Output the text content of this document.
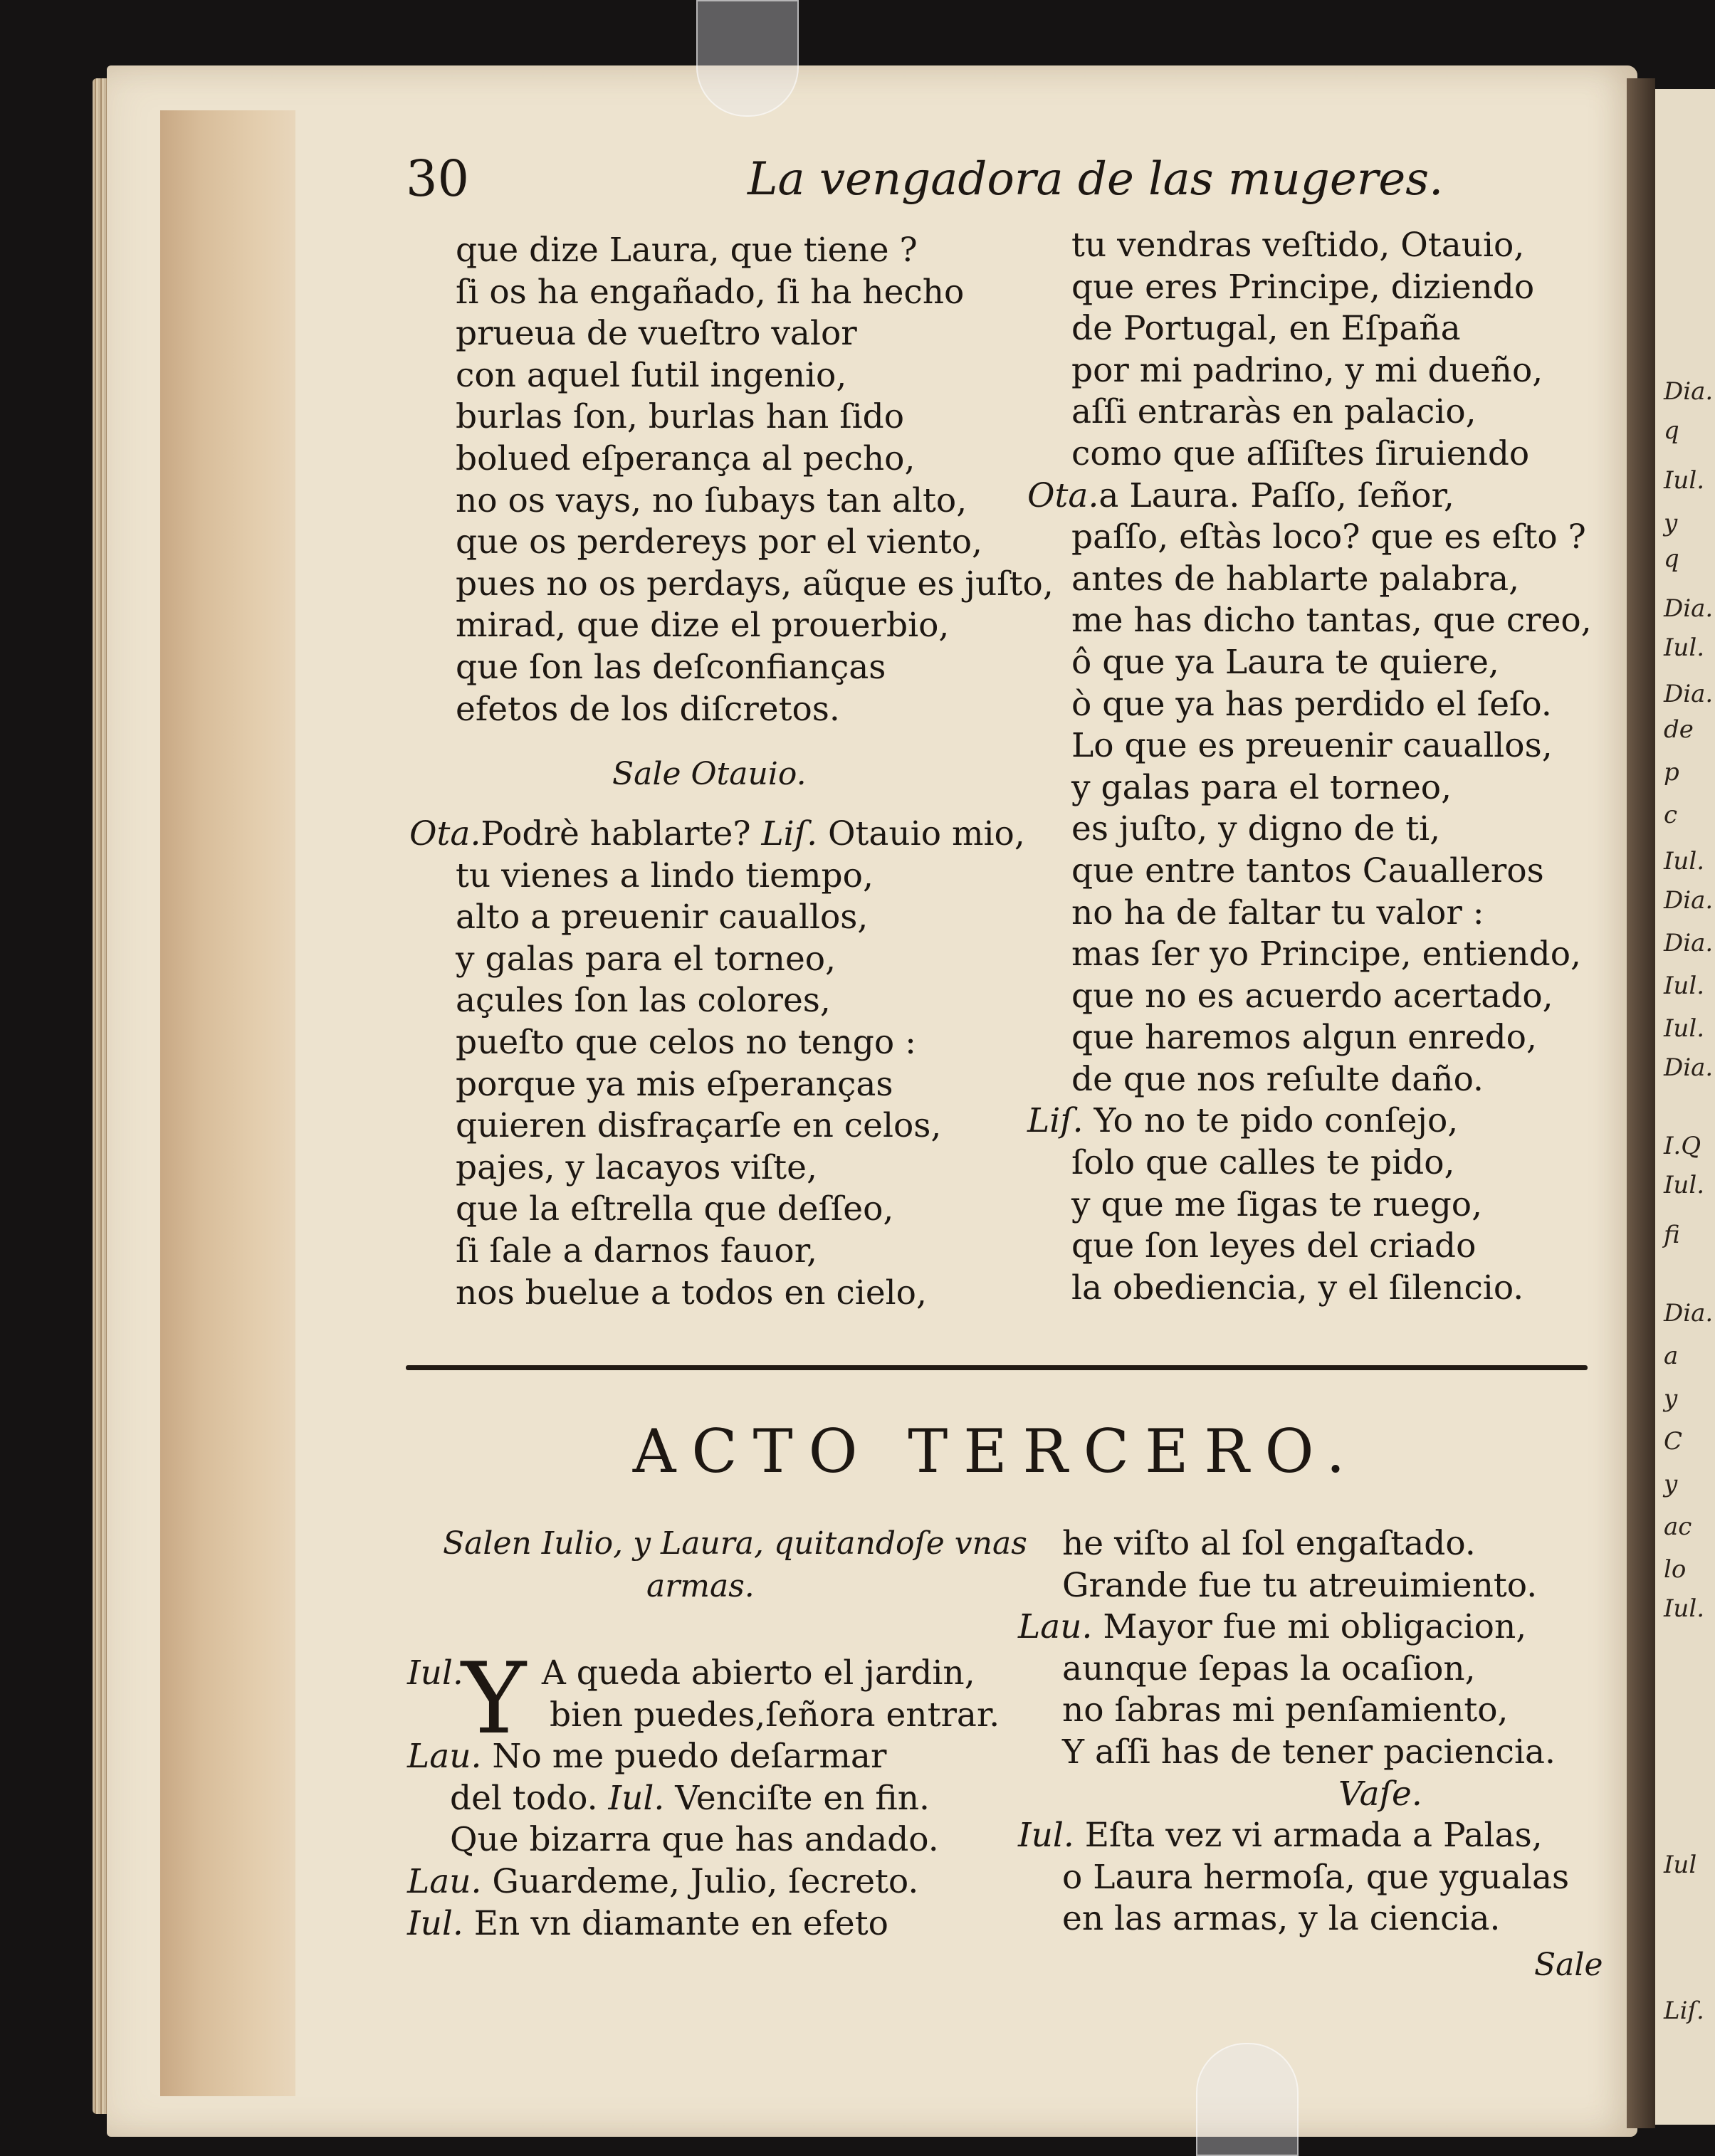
Dia.
q
Iul.
y
q
Dia.
Iul.
Dia.
de
p
c
Iul.
Dia.
Dia.
Iul.
Iul.
Dia.
I.Q
Iul.
fi
Dia.
a
y
C
y
ac
lo
Iul.
Iul
Liſ.
30	La vengadora de las mugeres.
que dize Laura, que tiene ?
ſi os ha engañado, ſi ha hecho
prueua de vueſtro valor
con aquel ſutil ingenio,
burlas ſon, burlas han ſido
bolued eſperança al pecho,
no os vays, no ſubays tan alto,
que os perdereys por el viento,
pues no os perdays, aũque es juſto,
mirad, que dize el prouerbio,
que ſon las deſconfianças
efetos de los diſcretos.
Sale Otauio.
Ota.Podrè hablarte? Liſ. Otauio mio,
tu vienes a lindo tiempo,
alto a preuenir cauallos,
y galas para el torneo,
açules ſon las colores,
pueſto que celos no tengo :
porque ya mis eſperanças
quieren disfraçarſe en celos,
pajes, y lacayos viſte,
que la eſtrella que deſſeo,
ſi ſale a darnos fauor,
nos buelue a todos en cielo,
tu vendras veſtido, Otauio,
que eres Principe, diziendo
de Portugal, en Eſpaña
por mi padrino, y mi dueño,
aſſi entraràs en palacio,
como que aſſiſtes ſiruiendo
Ota.a Laura. Paſſo, ſeñor,
paſſo, eſtàs loco? que es eſto ?
antes de hablarte palabra,
me has dicho tantas, que creo,
ô que ya Laura te quiere,
ò que ya has perdido el ſeſo.
Lo que es preuenir cauallos,
y galas para el torneo,
es juſto, y digno de ti,
que entre tantos Caualleros
no ha de faltar tu valor :
mas ſer yo Principe, entiendo,
que no es acuerdo acertado,
que haremos algun enredo,
de que nos reſulte daño.
Liſ. Yo no te pido conſejo,
ſolo que calles te pido,
y que me ſigas te ruego,
que ſon leyes del criado
la obediencia, y el ſilencio.
ACTO TERCERO.
Salen Iulio, y Laura, quitandoſe vnas
armas.
Y
Iul. A queda abierto el jardin,
bien puedes,ſeñora entrar.
Lau. No me puedo deſarmar
del todo. Iul. Venciſte en fin.
Que bizarra que has andado.
Lau. Guardeme, Julio, ſecreto.
Iul. En vn diamante en efeto
he viſto al ſol engaſtado.
Grande fue tu atreuimiento.
Lau. Mayor fue mi obligacion,
aunque ſepas la ocaſion,
no ſabras mi penſamiento,
Y aſſi has de tener paciencia.
Vaſe.
Iul. Eſta vez vi armada a Palas,
o Laura hermoſa, que ygualas
en las armas, y la ciencia.
Sale
